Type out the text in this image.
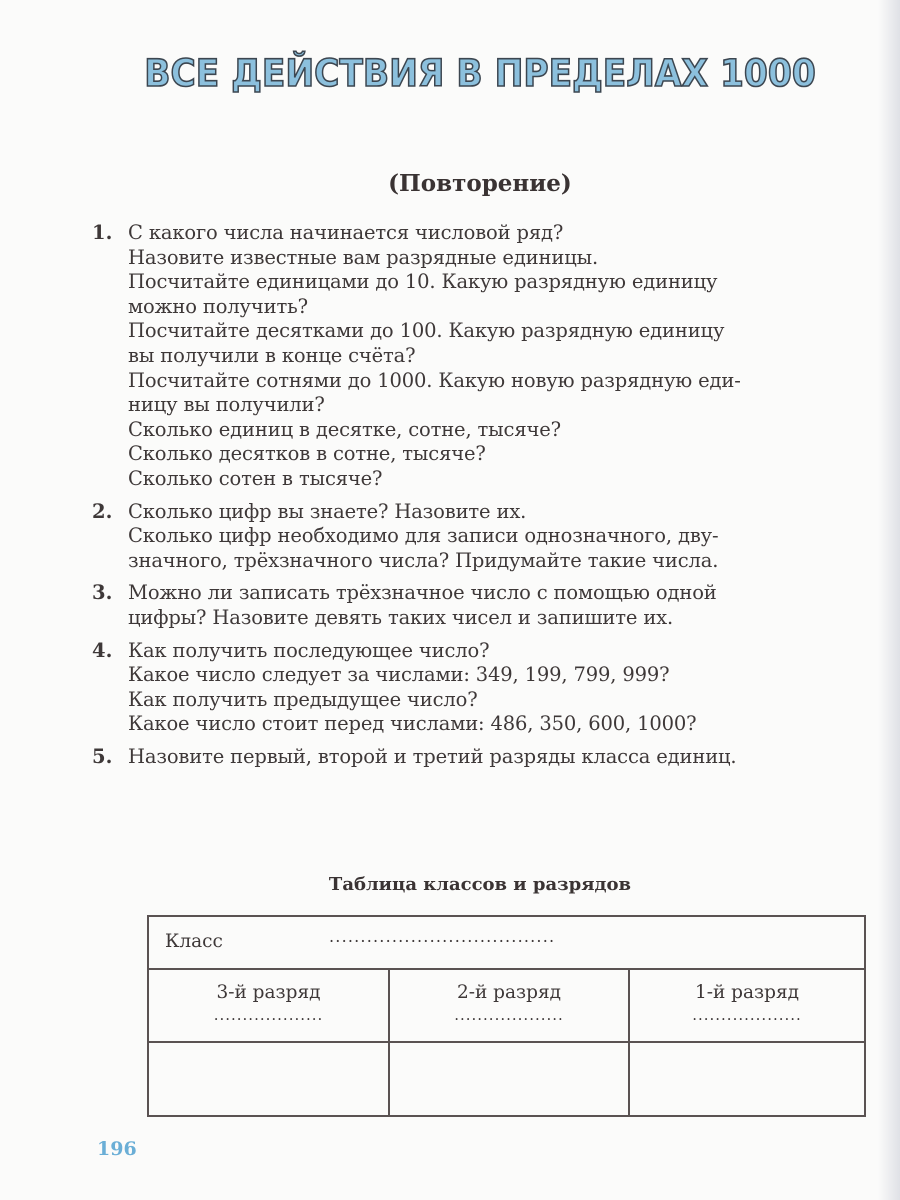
ВСЕ ДЕЙСТВИЯ В ПРЕДЕЛАХ 1000
(Повторение)
1. С какого числа начинается числовой ряд?
Назовите известные вам разрядные единицы.
Посчитайте единицами до 10. Какую разрядную единицу
можно получить?
Посчитайте десятками до 100. Какую разрядную единицу
вы получили в конце счёта?
Посчитайте сотнями до 1000. Какую новую разрядную еди-
ницу вы получили?
Сколько единиц в десятке, сотне, тысяче?
Сколько десятков в сотне, тысяче?
Сколько сотен в тысяче?
2. Сколько цифр вы знаете? Назовите их.
Сколько цифр необходимо для записи однозначного, дву-
значного, трёхзначного числа? Придумайте такие числа.
3. Можно ли записать трёхзначное число с помощью одной
цифры? Назовите девять таких чисел и запишите их.
4. Как получить последующее число?
Какое число следует за числами: 349, 199, 799, 999?
Как получить предыдущее число?
Какое число стоит перед числами: 486, 350, 600, 1000?
5. Назовите первый, второй и третий разряды класса единиц.
Таблица классов и разрядов
Класс	....................................
3-й разряд
...................
2-й разряд
...................
1-й разряд
...................
196
